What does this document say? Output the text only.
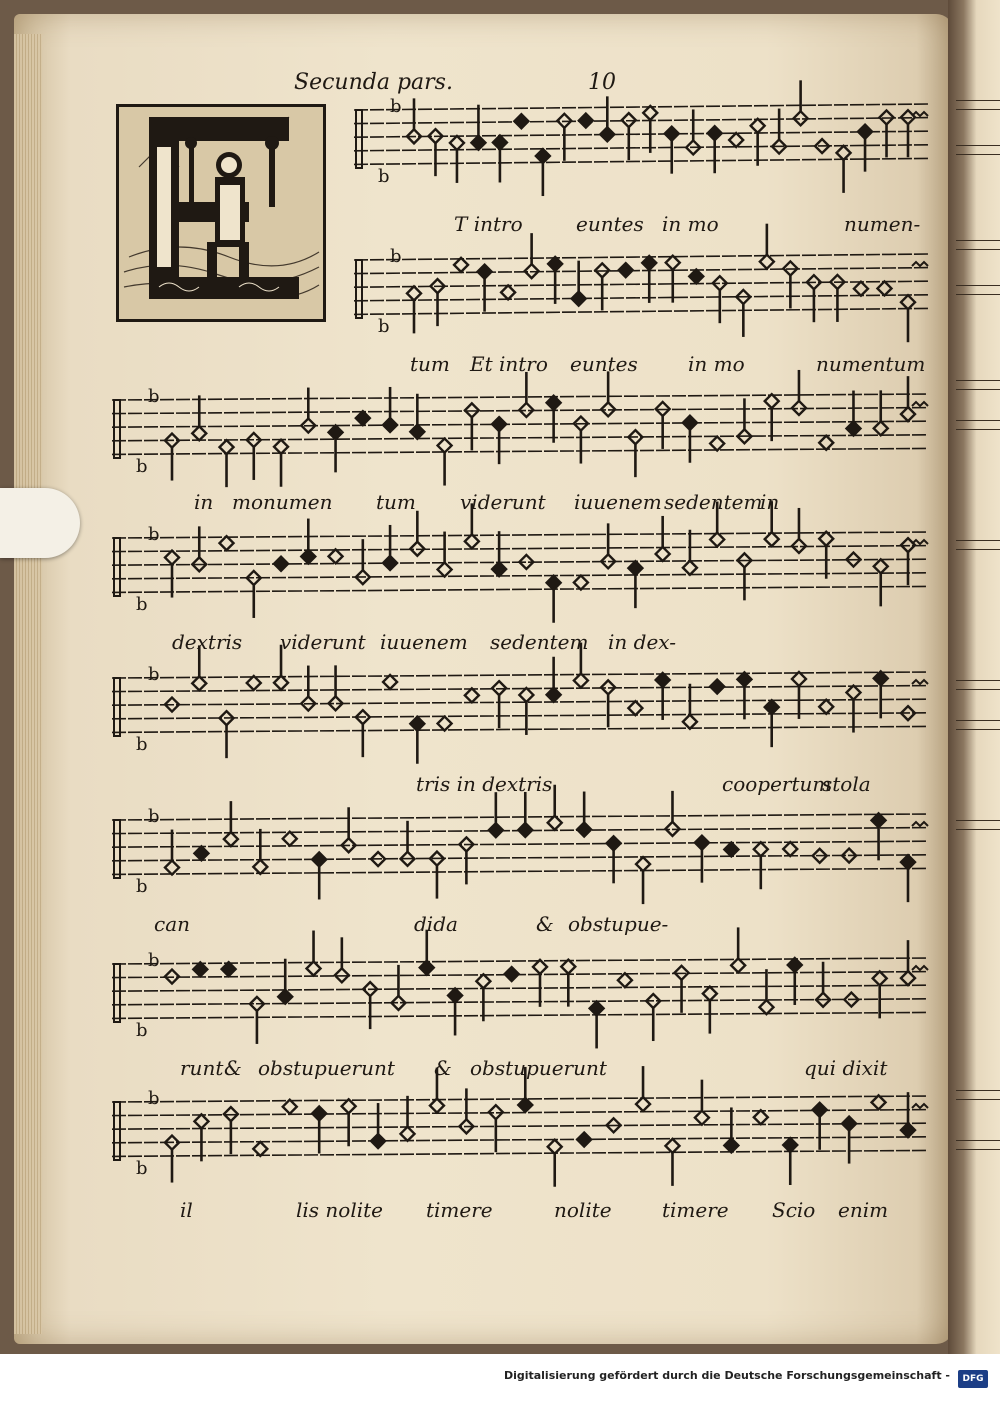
Secunda pars.	10
b
b
b
b
b
b
b
b
b
b
b
b
b
b
b
b
T intro	euntes in mo	numen-
tum Et intro euntes	in mo	numentum
in monumen tum viderunt iuuenem sedentem
in
dextris viderunt iuuenem sedentem in dex-
tris in dextris	coopertum
stola
can	dida	& obstupue-
runt & obstupuerunt & obstupuerunt	qui dixit
il	lis nolite timere	nolite	timere Scio enim
Digitalisierung gefördert durch die Deutsche Forschungsgemeinschaft -	DFG
